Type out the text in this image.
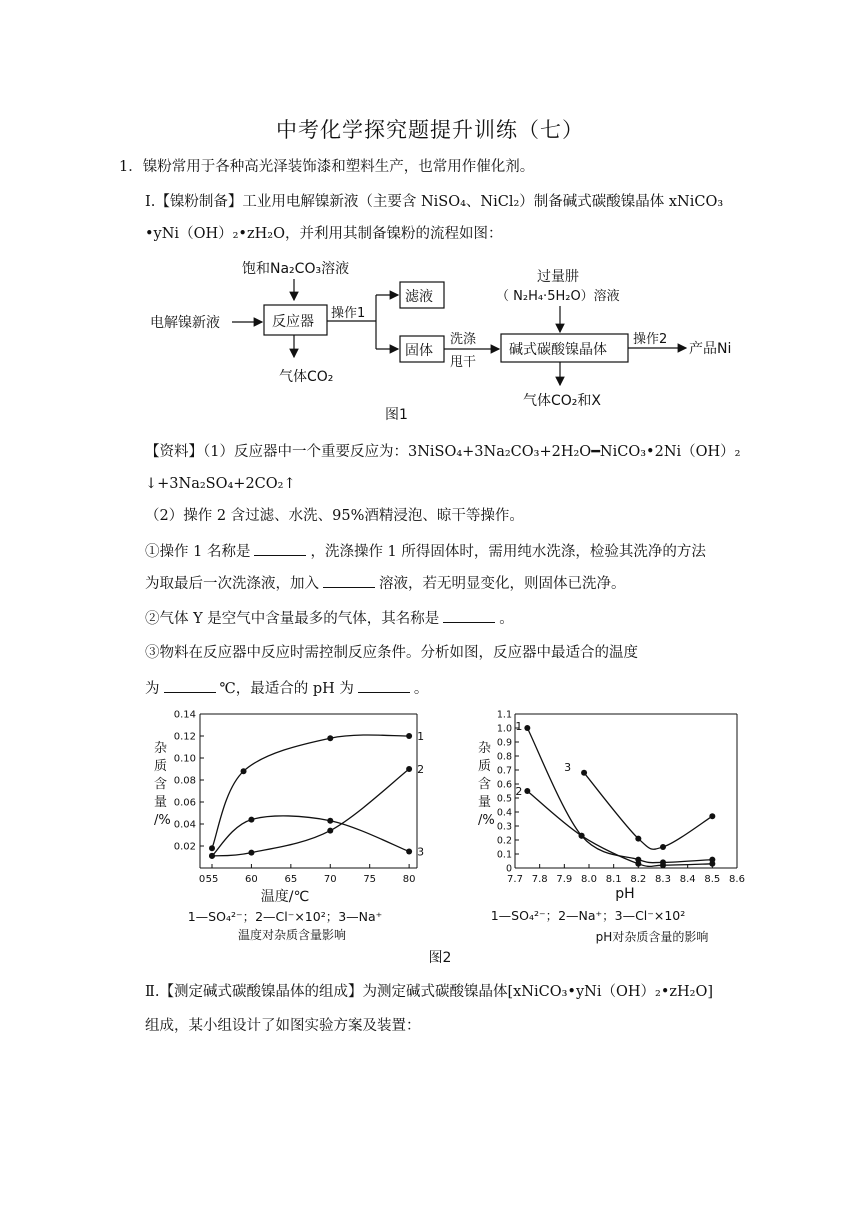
中考化学探究题提升训练（七）
1．镍粉常用于各种高光泽装饰漆和塑料生产，也常用作催化剂。
Ⅰ.【镍粉制备】工业用电解镍新液（主要含 NiSO₄、NiCl₂）制备碱式碳酸镍晶体 xNiCO₃
•yNi（OH）₂•zH₂O，并利用其制备镍粉的流程如图：
饱和Na₂CO₃溶液
电解镍新液	反应器
气体CO₂
操作1
滤液
固体
洗涤
甩干
过量肼
（ N₂H₄·5H₂O）溶液
碱式碳酸镍晶体
气体CO₂和X
操作2
产品Ni
图1
【资料】（1）反应器中一个重要反应为：3NiSO₄+3Na₂CO₃+2H₂O━NiCO₃•2Ni（OH）₂
↓+3Na₂SO₄+2CO₂↑
（2）操作 2 含过滤、水洗、95%酒精浸泡、晾干等操作。
①操作 1 名称是	，洗涤操作 1 所得固体时，需用纯水洗涤，检验其洗净的方法
为取最后一次洗涤液，加入	溶液，若无明显变化，则固体已洗净。
②气体 Y 是空气中含量最多的气体，其名称是	。
③物料在反应器中反应时需控制反应条件。分析如图，反应器中最适合的温度
为	℃，最适合的 pH 为	。
0.02
0.04
0.06
0.08
0.10
0.12
0.14
0 55	60	65	70	75	80
杂质含量/%
温度/℃
1—SO₄²⁻；2—Cl⁻×10²；3—Na⁺
温度对杂质含量影响
1
2
3
0
0.1
0.2
0.3
0.4
0.5
0.6
0.7
0.8
0.9
1.0
1.1
7.7 7.8 7.9 8.0 8.1 8.2 8.3 8.4 8.5 8.6
杂质含量/%
pH
1—SO₄²⁻；2—Na⁺；3—Cl⁻×10²
pH对杂质含量的影响
1
2
3
图2
Ⅱ.【测定碱式碳酸镍晶体的组成】为测定碱式碳酸镍晶体[xNiCO₃•yNi（OH）₂•zH₂O]
组成，某小组设计了如图实验方案及装置：
